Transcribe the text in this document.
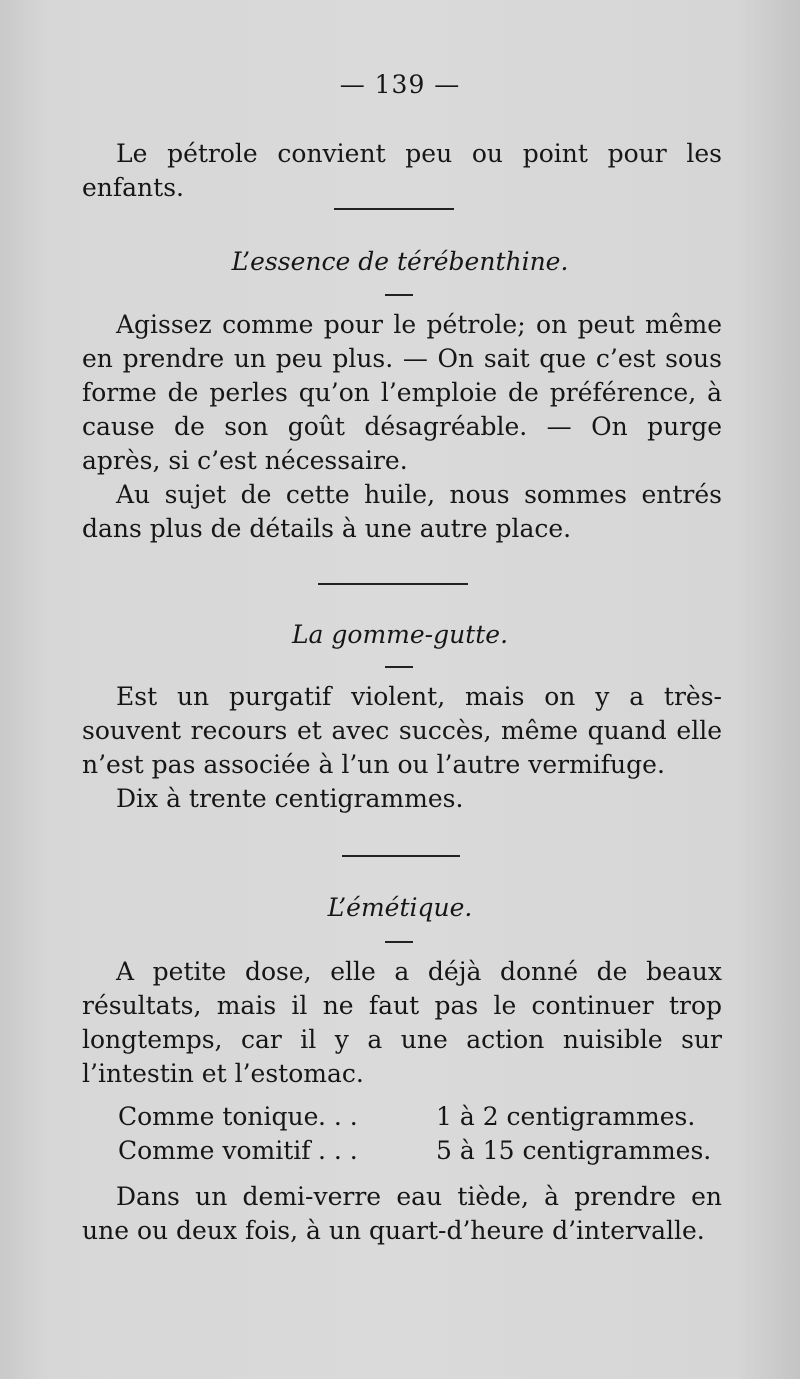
— 139 —

Le pétrole convient peu ou point pour les enfants.

L’essence de térébenthine.

Agissez comme pour le pétrole; on peut même en prendre un peu plus. — On sait que c’est sous forme de perles qu’on l’emploie de préférence, à cause de son goût désagréable. — On purge après, si c’est nécessaire.

Au sujet de cette huile, nous sommes entrés dans plus de détails à une autre place.

La gomme-gutte.

Est un purgatif violent, mais on y a très-souvent recours et avec succès, même quand elle n’est pas associée à l’un ou l’autre vermifuge.

Dix à trente centigrammes.

L’émétique.

A petite dose, elle a déjà donné de beaux résultats, mais il ne faut pas le continuer trop longtemps, car il y a une action nuisible sur l’intestin et l’estomac.

Comme tonique . . .	1 à 2 centigrammes.
Comme vomitif . . .	5 à 15 centigrammes.

Dans un demi-verre eau tiède, à prendre en une ou deux fois, à un quart-d’heure d’intervalle.
